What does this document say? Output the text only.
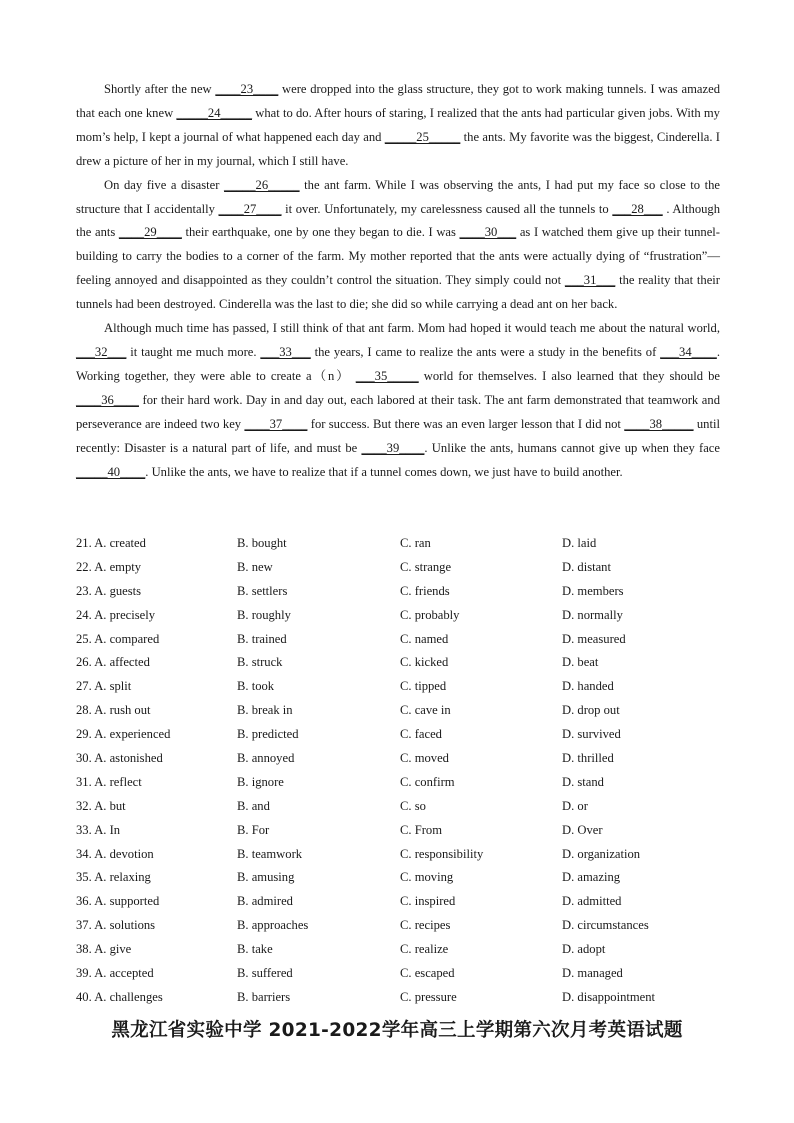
Shortly after the new ____23____ were dropped into the glass structure, they got to work making tunnels. I was amazed that each one knew _____24_____ what to do. After hours of staring, I realized that the ants had particular given jobs. With my mom’s help, I kept a journal of what happened each day and _____25_____ the ants. My favorite was the biggest, Cinderella. I drew a picture of her in my journal, which I still have.

On day five a disaster _____26_____ the ant farm. While I was observing the ants, I had put my face so close to the structure that I accidentally ____27____ it over. Unfortunately, my carelessness caused all the tunnels to ___28___ . Although the ants ____29____ their earthquake, one by one they began to die. I was ____30___ as I watched them give up their tunnel-building to carry the bodies to a corner of the farm. My mother reported that the ants were actually dying of “frustration”—feeling annoyed and disappointed as they couldn’t control the situation. They simply could not ___31___ the reality that their tunnels had been destroyed. Cinderella was the last to die; she did so while carrying a dead ant on her back.

Although much time has passed, I still think of that ant farm. Mom had hoped it would teach me about the natural world, ___32___ it taught me much more. ___33___ the years, I came to realize the ants were a study in the benefits of ___34____. Working together, they were able to create a（n） ___35_____ world for themselves. I also learned that they should be ____36____ for their hard work. Day in and day out, each labored at their task. The ant farm demonstrated that teamwork and perseverance are indeed two key ____37____ for success. But there was an even larger lesson that I did not ____38_____ until recently: Disaster is a natural part of life, and must be ____39____. Unlike the ants, humans cannot give up when they face _____40____. Unlike the ants, we have to realize that if a tunnel comes down, we just have to build another.

21. A. created	B. bought	C. ran	D. laid
22. A. empty	B. new	C. strange	D. distant
23. A. guests	B. settlers	C. friends	D. members
24. A. precisely	B. roughly	C. probably	D. normally
25. A. compared	B. trained	C. named	D. measured
26. A. affected	B. struck	C. kicked	D. beat
27. A. split	B. took	C. tipped	D. handed
28. A. rush out	B. break in	C. cave in	D. drop out
29. A. experienced	B. predicted	C. faced	D. survived
30. A. astonished	B. annoyed	C. moved	D. thrilled
31. A. reflect	B. ignore	C. confirm	D. stand
32. A. but	B. and	C. so	D. or
33. A. In	B. For	C. From	D. Over
34. A. devotion	B. teamwork	C. responsibility	D. organization
35. A. relaxing	B. amusing	C. moving	D. amazing
36. A. supported	B. admired	C. inspired	D. admitted
37. A. solutions	B. approaches	C. recipes	D. circumstances
38. A. give	B. take	C. realize	D. adopt
39. A. accepted	B. suffered	C. escaped	D. managed
40. A. challenges	B. barriers	C. pressure	D. disappointment
黑龙江省实验中学 2021-2022学年高三上学期第六次月考英语试题
